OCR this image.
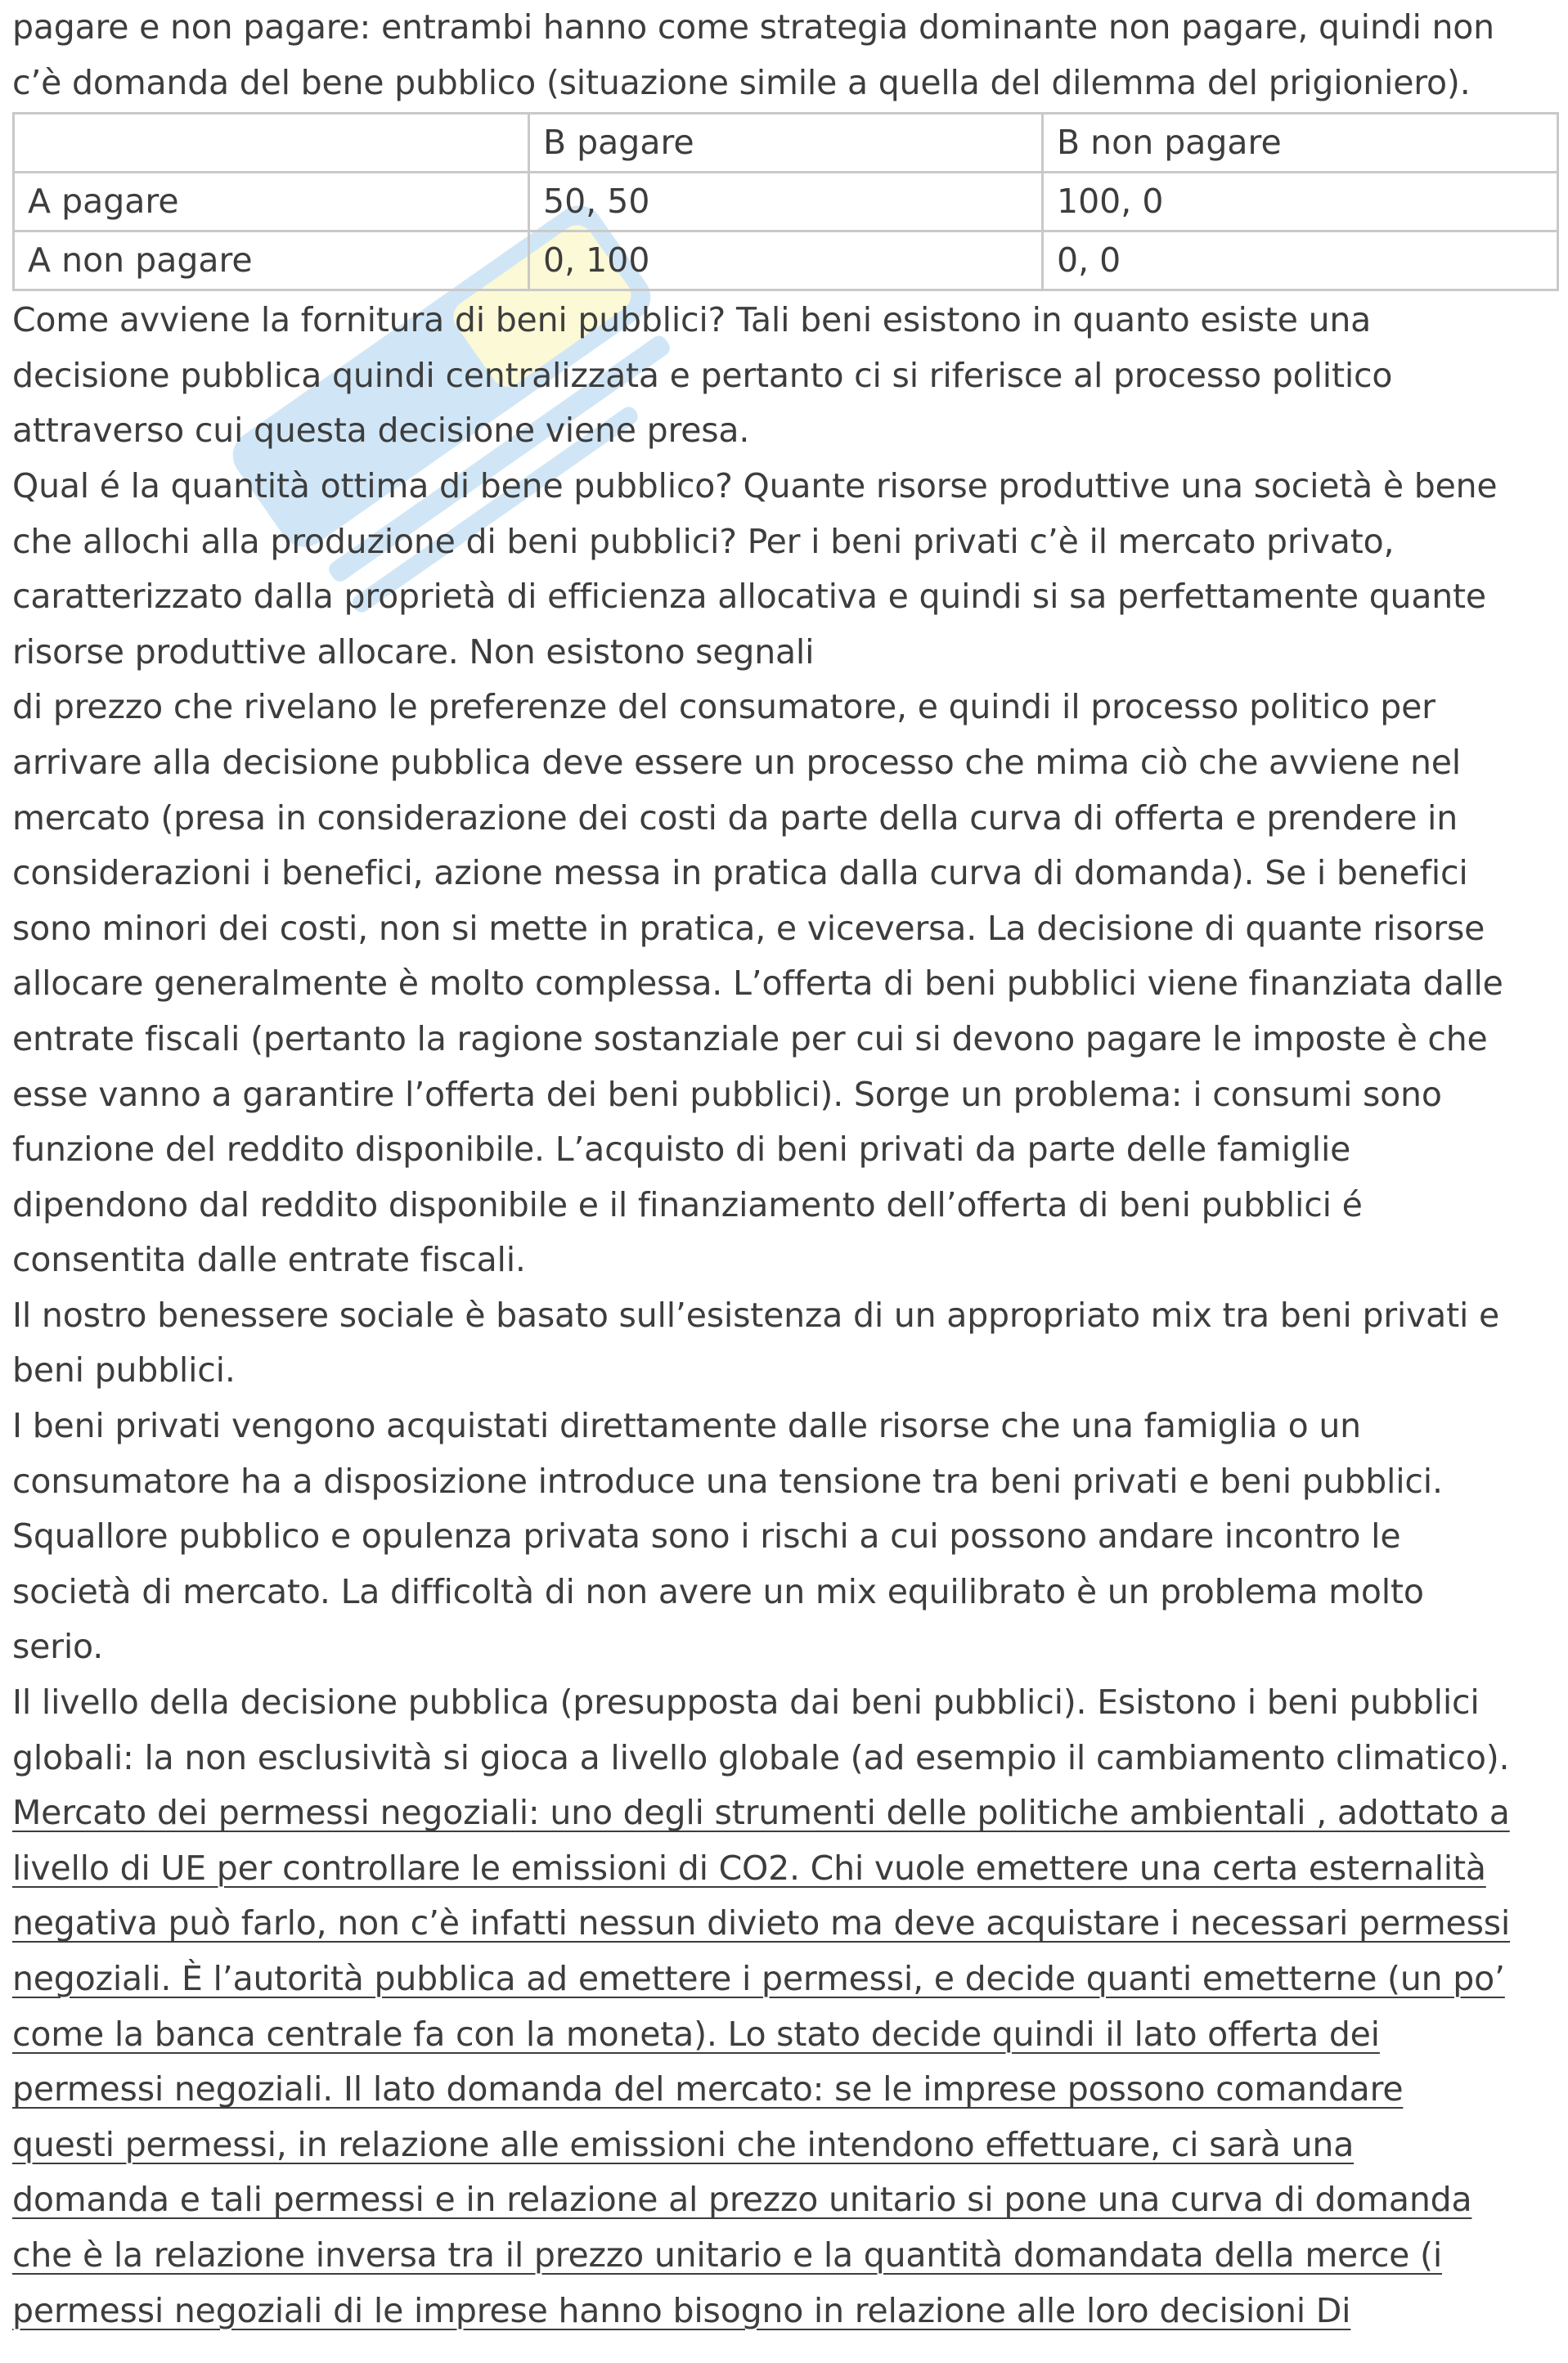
pagare e non pagare: entrambi hanno come strategia dominante non pagare, quindi non
c’è domanda del bene pubblico (situazione simile a quella del dilemma del prigioniero).
	B pagare	B non pagare
A pagare	50, 50	100, 0
A non pagare	0, 100	0, 0
Come avviene la fornitura di beni pubblici? Tali beni esistono in quanto esiste una
decisione pubblica quindi centralizzata e pertanto ci si riferisce al processo politico
attraverso cui questa decisione viene presa.
Qual é la quantità ottima di bene pubblico? Quante risorse produttive una società è bene
che allochi alla produzione di beni pubblici? Per i beni privati c’è il mercato privato,
caratterizzato dalla proprietà di efficienza allocativa e quindi si sa perfettamente quante
risorse produttive allocare. Non esistono segnali
di prezzo che rivelano le preferenze del consumatore, e quindi il processo politico per
arrivare alla decisione pubblica deve essere un processo che mima ciò che avviene nel
mercato (presa in considerazione dei costi da parte della curva di offerta e prendere in
considerazioni i benefici, azione messa in pratica dalla curva di domanda). Se i benefici
sono minori dei costi, non si mette in pratica, e viceversa. La decisione di quante risorse
allocare generalmente è molto complessa. L’offerta di beni pubblici viene finanziata dalle
entrate fiscali (pertanto la ragione sostanziale per cui si devono pagare le imposte è che
esse vanno a garantire l’offerta dei beni pubblici). Sorge un problema: i consumi sono
funzione del reddito disponibile. L’acquisto di beni privati da parte delle famiglie
dipendono dal reddito disponibile e il finanziamento dell’offerta di beni pubblici é
consentita dalle entrate fiscali.
Il nostro benessere sociale è basato sull’esistenza di un appropriato mix tra beni privati e
beni pubblici.
I beni privati vengono acquistati direttamente dalle risorse che una famiglia o un
consumatore ha a disposizione introduce una tensione tra beni privati e beni pubblici.
Squallore pubblico e opulenza privata sono i rischi a cui possono andare incontro le
società di mercato. La difficoltà di non avere un mix equilibrato è un problema molto
serio.
Il livello della decisione pubblica (presupposta dai beni pubblici). Esistono i beni pubblici
globali: la non esclusività si gioca a livello globale (ad esempio il cambiamento climatico).
Mercato dei permessi negoziali: uno degli strumenti delle politiche ambientali , adottato a
livello di UE per controllare le emissioni di CO2. Chi vuole emettere una certa esternalità
negativa può farlo, non c’è infatti nessun divieto ma deve acquistare i necessari permessi
negoziali. È l’autorità pubblica ad emettere i permessi, e decide quanti emetterne (un po’
come la banca centrale fa con la moneta). Lo stato decide quindi il lato offerta dei
permessi negoziali. Il lato domanda del mercato: se le imprese possono comandare
questi permessi, in relazione alle emissioni che intendono effettuare, ci sarà una
domanda e tali permessi e in relazione al prezzo unitario si pone una curva di domanda
che è la relazione inversa tra il prezzo unitario e la quantità domandata della merce (i
permessi negoziali di le imprese hanno bisogno in relazione alle loro decisioni Di
